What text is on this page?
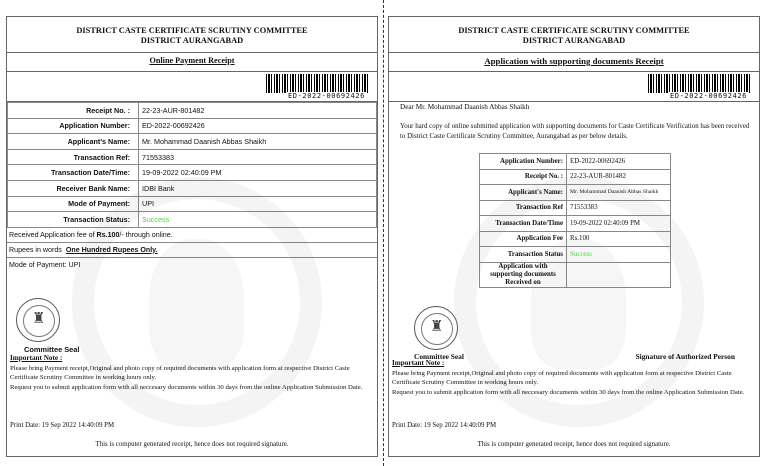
DISTRICT CASTE CERTIFICATE SCRUTINY COMMITTEE
DISTRICT AURANGABAD
Online Payment Receipt
ED-2022-00692426
Receipt No. :	22-23-AUR-801482
Application Number:	ED-2022-00692426
Applicant's Name:	Mr. Mohammad Daanish Abbas Shaikh
Transaction Ref:	71553383
Transaction Date/Time:	19-09-2022 02:40:09 PM
Receiver Bank Name:	IDBI Bank
Mode of Payment:	UPI
Transaction Status:	Success
Received Application fee of Rs.100/- through online.
Rupees in words One Hundred Rupees Only.
Mode of Payment: UPI
♜
Committee Seal
Important Note :

Please bring Payment receipt,Original and photo copy of required documents with application form at respective District Caste Certificate Scrutiny Committee in working hours only.

Request you to submit application form with all neccesary documents within 30 days from the online Application Submission Date.

Print Date: 19 Sep 2022 14:40:09 PM
This is computer generated receipt, hence does not required signature.
DISTRICT CASTE CERTIFICATE SCRUTINY COMMITTEE
DISTRICT AURANGABAD
Application with supporting documents Receipt
ED-2022-00692426
Dear Mr. Mohammad Daanish Abbas Shaikh
Your hard copy of online submitted application with supporting documents for Caste Certificate Verification has been received to District Caste Certificate Scrutiny Committee, Aurangabad as per below details.
Application Number:	ED-2022-00692426
Receipt No. :	22-23-AUR-801482
Applicant's Name:	Mr. Mohammad Daanish Abbas Shaikh
Transaction Ref	71553383
Transaction Date/Time	19-09-2022 02:40:09 PM
Application Fee	Rs.100
Transaction Status	Success
Application with supporting documents Received on	
♜
Committee Seal	Signature of Authorized Person
Important Note :

Please bring Payment receipt,Original and photo copy of required documents with application form at respective District Caste Certificate Scrutiny Committee in working hours only.

Request you to submit application form with all neccesary documents within 30 days from the online Application Submission Date.

Print Date: 19 Sep 2022 14:40:09 PM
This is computer generated receipt, hence does not required signature.
